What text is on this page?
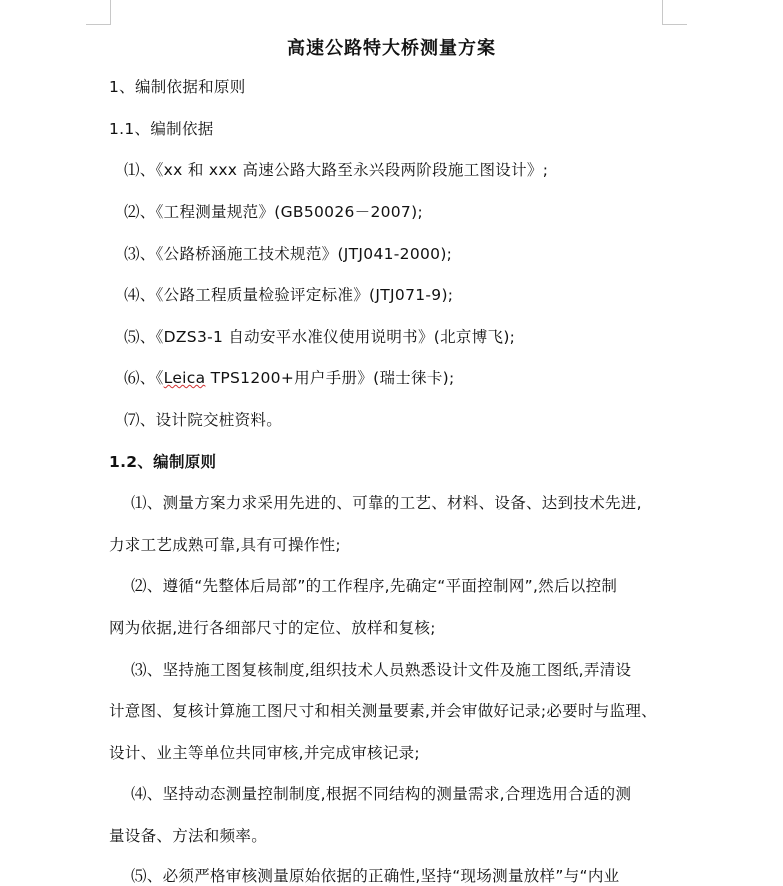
高速公路特大桥测量方案
1、编制依据和原则
1.1、编制依据
⑴、《xx 和 xxx 高速公路大路至永兴段两阶段施工图设计》;
⑵、《工程测量规范》(GB50026－2007);
⑶、《公路桥涵施工技术规范》(JTJ041-2000);
⑷、《公路工程质量检验评定标准》(JTJ071-9);
⑸、《DZS3-1 自动安平水准仪使用说明书》(北京博飞);
⑹、《Leica TPS1200+用户手册》(瑞士徕卡);
⑺、设计院交桩资料。
1.2、编制原则
⑴、测量方案力求采用先进的、可靠的工艺、材料、设备、达到技术先进,
力求工艺成熟可靠,具有可操作性;
⑵、遵循“先整体后局部”的工作程序,先确定“平面控制网”,然后以控制
网为依据,进行各细部尺寸的定位、放样和复核;
⑶、坚持施工图复核制度,组织技术人员熟悉设计文件及施工图纸,弄清设
计意图、复核计算施工图尺寸和相关测量要素,并会审做好记录;必要时与监理、
设计、业主等单位共同审核,并完成审核记录;
⑷、坚持动态测量控制制度,根据不同结构的测量需求,合理选用合适的测
量设备、方法和频率。
⑸、必须严格审核测量原始依据的正确性,坚持“现场测量放样”与“内业
